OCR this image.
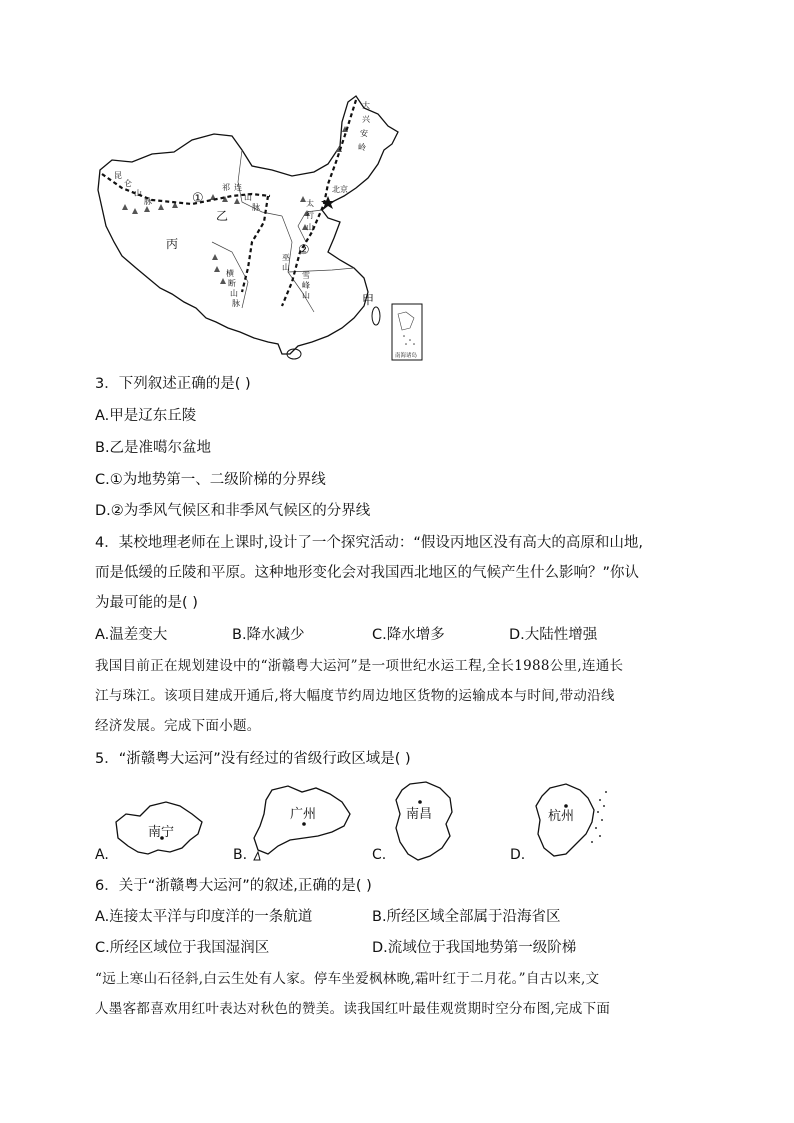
①
②
甲
乙
丙
北京
昆
仑
山
脉
祁 连
山
脉
大
兴
安
岭
太
行
山
巫
山
雪
峰
山
横
断
山
脉
南海诸岛
3．下列叙述正确的是( )
A.甲是辽东丘陵
B.乙是准噶尔盆地
C.①为地势第一、二级阶梯的分界线
D.②为季风气候区和非季风气候区的分界线
4．某校地理老师在上课时,设计了一个探究活动：“假设丙地区没有高大的高原和山地,
而是低缓的丘陵和平原。这种地形变化会对我国西北地区的气候产生什么影响？”你认
为最可能的是( )
A.温差变大	B.降水减少	C.降水增多	D.大陆性增强
我国目前正在规划建设中的“浙赣粤大运河”是一项世纪水运工程,全长1988公里,连通长
江与珠江。该项目建成开通后,将大幅度节约周边地区货物的运输成本与时间,带动沿线
经济发展。完成下面小题。
5．“浙赣粤大运河”没有经过的省级行政区域是( )
A.
南宁
B.
广州
C.
南昌
D.
杭州
6．关于“浙赣粤大运河”的叙述,正确的是( )
A.连接太平洋与印度洋的一条航道	B.所经区域全部属于沿海省区
C.所经区域位于我国湿润区	D.流域位于我国地势第一级阶梯
“远上寒山石径斜,白云生处有人家。停车坐爱枫林晚,霜叶红于二月花。”自古以来,文
人墨客都喜欢用红叶表达对秋色的赞美。读我国红叶最佳观赏期时空分布图,完成下面
